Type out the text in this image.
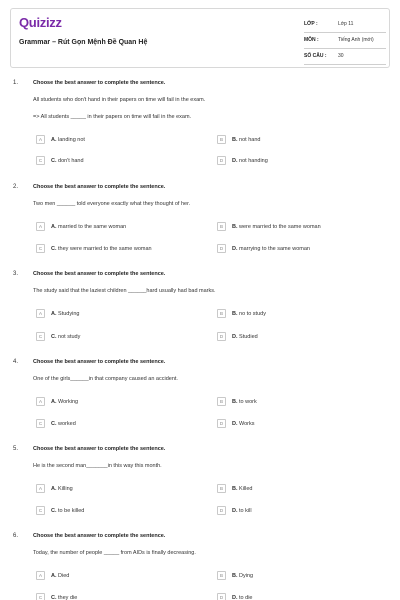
Quizizz
Grammar – Rút Gọn Mệnh Đề Quan Hệ
LỚP :	Lớp 11
MÔN :	Tiếng Anh (mới)
SỐ CÂU : 30
1.	Choose the best answer to complete the sentence.
All students who don't hand in their papers on time will fail in the exam.
=> All students _____ in their papers on time will fail in the exam.
A	A. landing not	B	B. not hand
C	C. don't hand	D	D. not handing
2.	Choose the best answer to complete the sentence.
Two men ______ told everyone exactly what they thought of her.
A	A. married to the same woman	B	B. were married to the same woman
C	C. they were married to the same woman	D	D. marrying to the same woman
3.	Choose the best answer to complete the sentence.
The study said that the laziest children ______hard usually had bad marks.
A	A. Studying	B	B. no to study
C	C. not study	D	D. Studied
4.	Choose the best answer to complete the sentence.
One of the girls______in that company caused an accident.
A	A. Working	B	B. to work
C	C. worked	D	D. Works
5.	Choose the best answer to complete the sentence.
He is the second man_______in this way this month.
A	A. Killing	B	B. Killed
C	C. to be killed	D	D. to kill
6.	Choose the best answer to complete the sentence.
Today, the number of people _____ from AIDs is finally decreasing.
A	A. Died	B	B. Dying
C	C. they die	D	D. to die
